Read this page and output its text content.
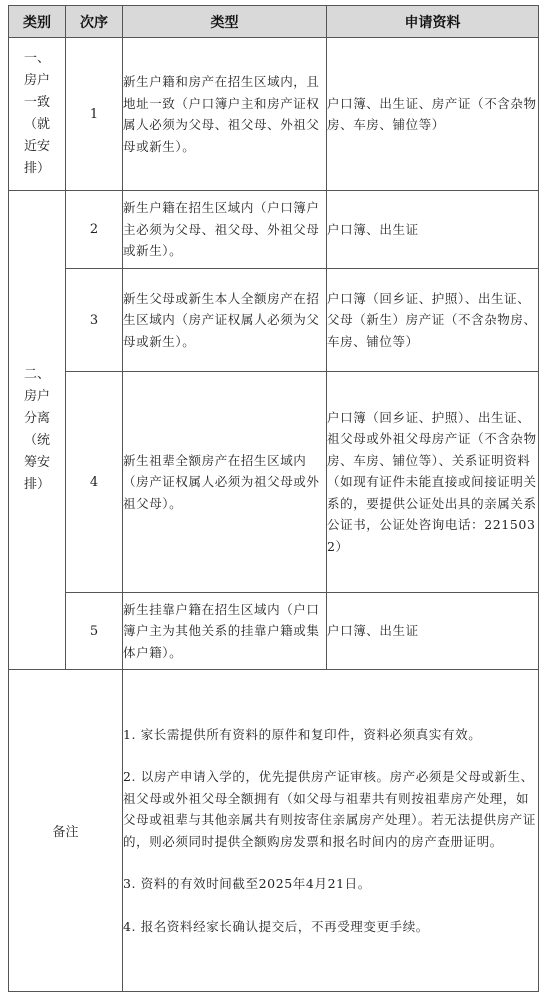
类别	次序	类型	申请资料

一、房户一致（就近安排）	1	新生户籍和房产在招生区域内，且地址一致（户口簿户主和房产证权属人必须为父母、祖父母、外祖父母或新生）。	户口簿、出生证、房产证（不含杂物房、车房、铺位等）

二、房户分离（统筹安排）	2	新生户籍在招生区域内（户口簿户主必须为父母、祖父母、外祖父母或新生）。	户口簿、出生证
	3	新生父母或新生本人全额房产在招生区域内（房产证权属人必须为父母或新生）。	户口簿（回乡证、护照）、出生证、父母（新生）房产证（不含杂物房、车房、铺位等）
	4	新生祖辈全额房产在招生区域内（房产证权属人必须为祖父母或外祖父母）。	户口簿（回乡证、护照）、出生证、祖父母或外祖父母房产证（不含杂物房、车房、铺位等）、关系证明资料（如现有证件未能直接或间接证明关系的，要提供公证处出具的亲属关系公证书，公证处咨询电话：2215032）
	5	新生挂靠户籍在招生区域内（户口簿户主为其他关系的挂靠户籍或集体户籍）。	户口簿、出生证
备注		1. 家长需提供所有资料的原件和复印件，资料必须真实有效。
2. 以房产申请入学的，优先提供房产证审核。房产必须是父母或新生、祖父母或外祖父母全额拥有（如父母与祖辈共有则按祖辈房产处理，如父母或祖辈与其他亲属共有则按寄住亲属房产处理）。若无法提供房产证的，则必须同时提供全额购房发票和报名时间内的房产查册证明。
3. 资料的有效时间截至2025年4月21日。
4. 报名资料经家长确认提交后，不再受理变更手续。	
